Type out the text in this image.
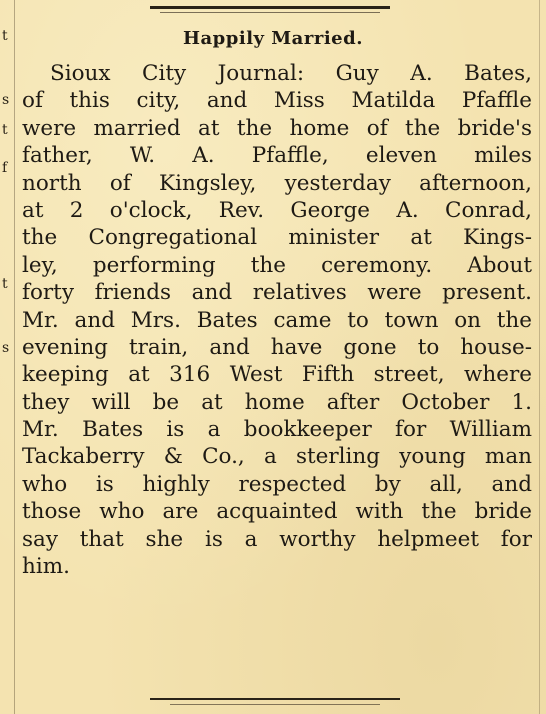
t
s
t
f
t
s
Happily Married.
Sioux City Journal: Guy A. Bates,
of this city, and Miss Matilda Pfaffle
were married at the home of the bride's
father, W. A. Pfaffle, eleven miles
north of Kingsley, yesterday afternoon,
at 2 o'clock, Rev. George A. Conrad,
the Congregational minister at Kings-
ley, performing the ceremony. About
forty friends and relatives were present.
Mr. and Mrs. Bates came to town on the
evening train, and have gone to house-
keeping at 316 West Fifth street, where
they will be at home after October 1.
Mr. Bates is a bookkeeper for William
Tackaberry & Co., a sterling young man
who is highly respected by all, and
those who are acquainted with the bride
say that she is a worthy helpmeet for
him.
